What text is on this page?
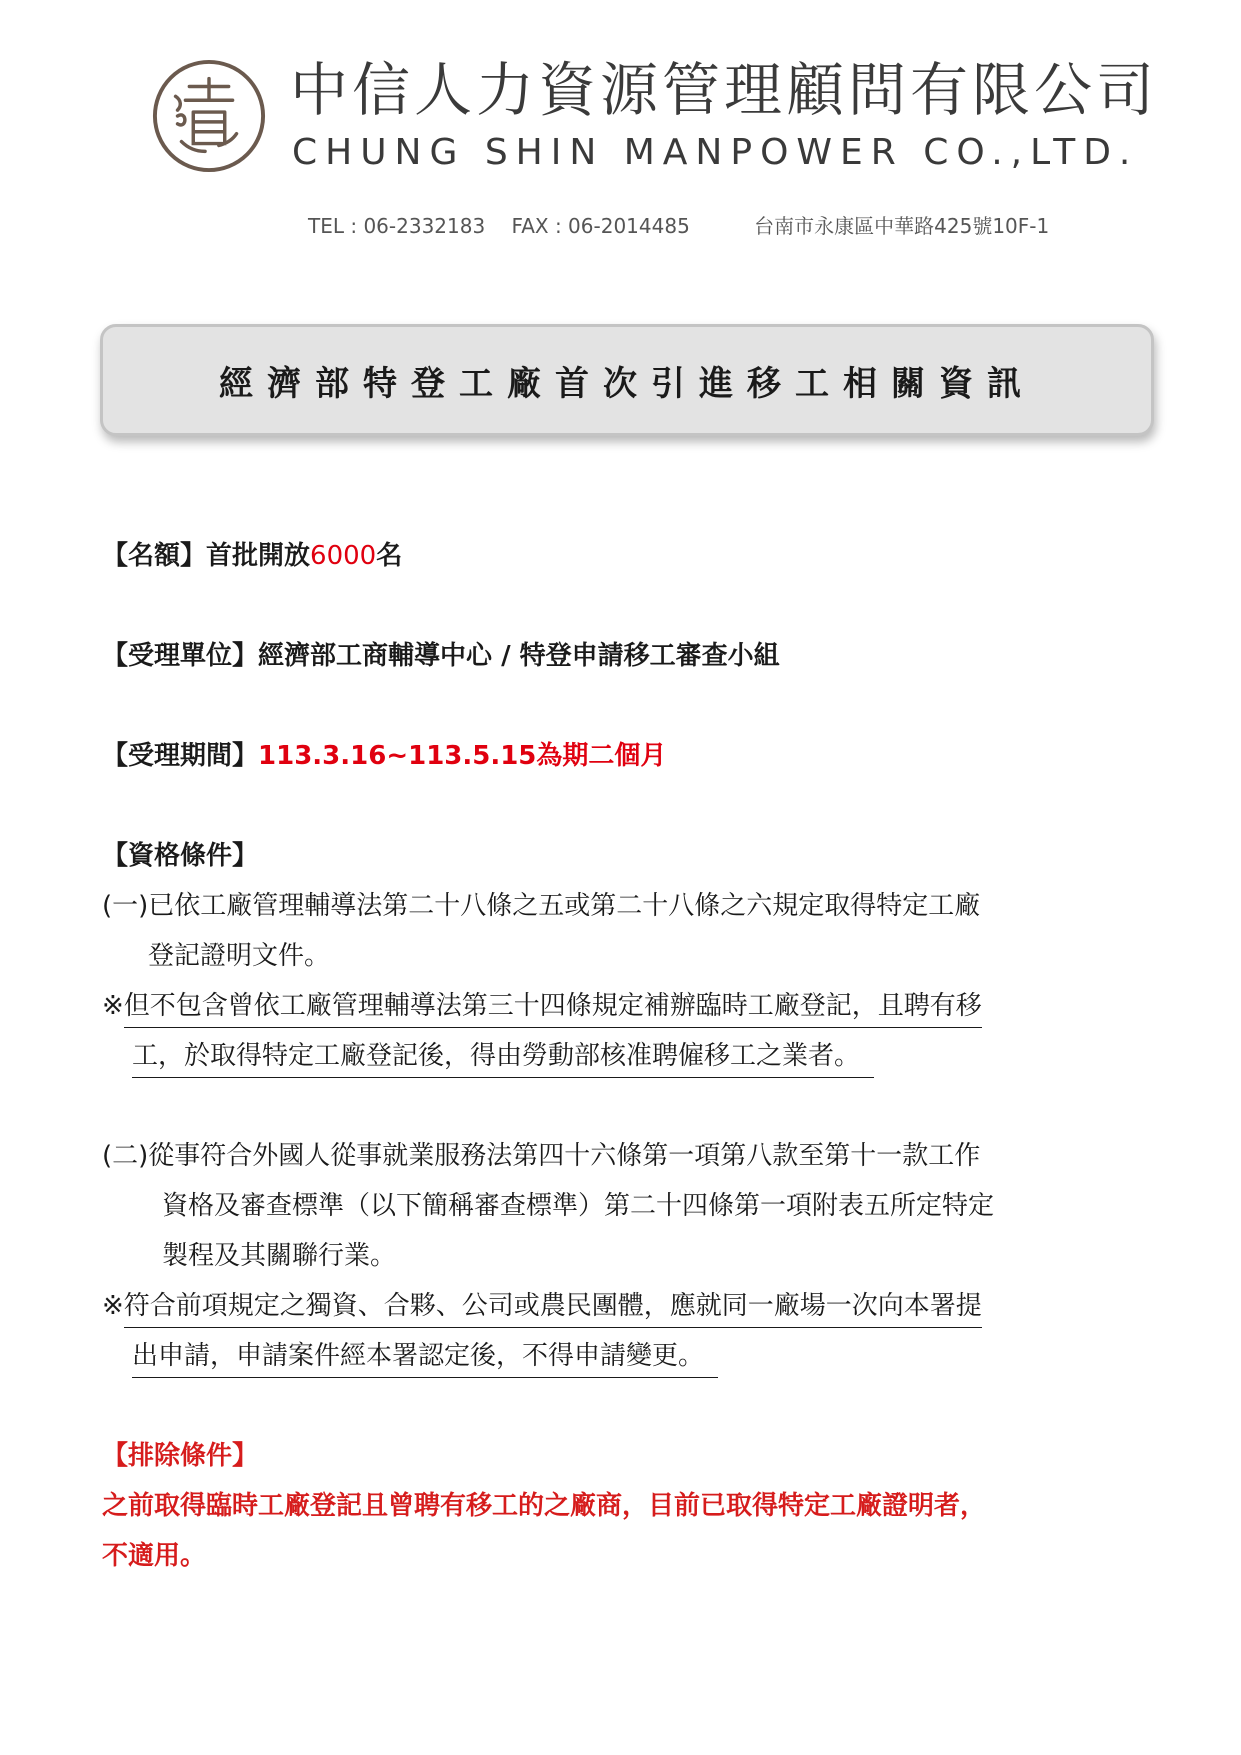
中信人力資源管理顧問有限公司
CHUNG SHIN MANPOWER CO.,LTD.
TEL : 06-2332183 FAX : 06-2014485	台南市永康區中華路425號10F-1
經濟部特登工廠首次引進移工相關資訊
【名額】首批開放6000名
【受理單位】經濟部工商輔導中心 / 特登申請移工審查小組
【受理期間】113.3.16~113.5.15為期二個月
【資格條件】
(一)已依工廠管理輔導法第二十八條之五或第二十八條之六規定取得特定工廠
登記證明文件。
※但不包含曾依工廠管理輔導法第三十四條規定補辦臨時工廠登記，且聘有移
工，於取得特定工廠登記後，得由勞動部核准聘僱移工之業者。
(二)從事符合外國人從事就業服務法第四十六條第一項第八款至第十一款工作
資格及審查標準（以下簡稱審查標準）第二十四條第一項附表五所定特定
製程及其關聯行業。
※符合前項規定之獨資、合夥、公司或農民團體，應就同一廠場一次向本署提
出申請，申請案件經本署認定後，不得申請變更。
【排除條件】
之前取得臨時工廠登記且曾聘有移工的之廠商，目前已取得特定工廠證明者，
不適用。
